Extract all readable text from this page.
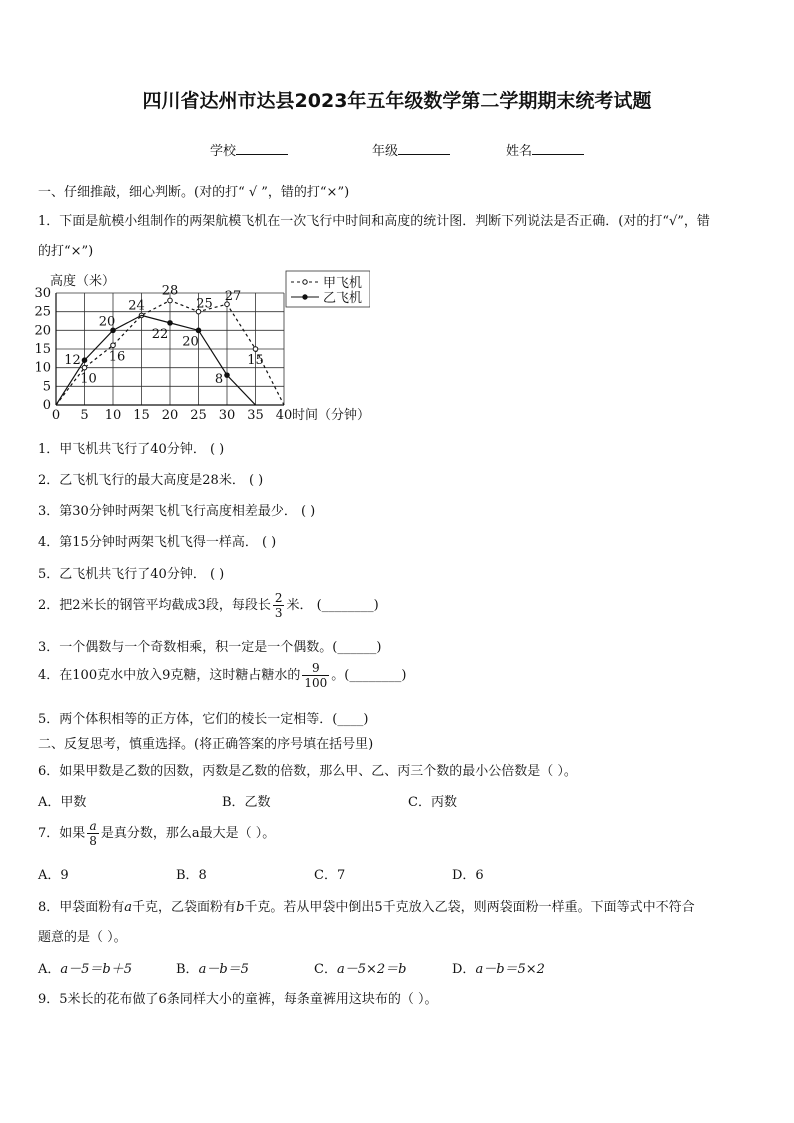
四川省达州市达县2023年五年级数学第二学期期末统考试题
学校	年级	姓名
一、仔细推敲，细心判断。(对的打“ √ ”，错的打“×”)
1．下面是航模小组制作的两架航模飞机在一次飞行中时间和高度的统计图．判断下列说法是否正确．(对的打“√”，错
的打“×”)
0 5 10 15 20 25 30 35 40
0
5
10
15
20
25
30
高度（米）
时间（分钟）
10
16
24
28
25 27
15
12
20
22 20
8
甲飞机
乙飞机
1．甲飞机共飞行了40分钟． ( )
2．乙飞机飞行的最大高度是28米． ( )
3．第30分钟时两架飞机飞行高度相差最少． ( )
4．第15分钟时两架飞机飞得一样高． ( )
5．乙飞机共飞行了40分钟． ( )
2．把2米长的钢管平均截成3段，每段长 $\frac{2}{3}$ 米． (________)
3．一个偶数与一个奇数相乘，积一定是一个偶数。(______)
4．在100克水中放入9克糖，这时糖占糖水的 $\frac{9}{100}$ 。(________)
5．两个体积相等的正方体，它们的棱长一定相等．(____)
二、反复思考，慎重选择。(将正确答案的序号填在括号里)
6．如果甲数是乙数的因数，丙数是乙数的倍数，那么甲、乙、丙三个数的最小公倍数是（ ）。
A．甲数	B．乙数	C．丙数
7．如果 $\frac{a}{8}$ 是真分数，那么a最大是（ ）。
A．9	B．8	C．7	D．6
8．甲袋面粉有a千克，乙袋面粉有b千克。若从甲袋中倒出5千克放入乙袋，则两袋面粉一样重。下面等式中不符合
题意的是（ ）。
A．a－5＝b＋5	B．a－b＝5	C．a－5×2＝b	D．a－b＝5×2
9．5米长的花布做了6条同样大小的童裤，每条童裤用这块布的（ ）。
